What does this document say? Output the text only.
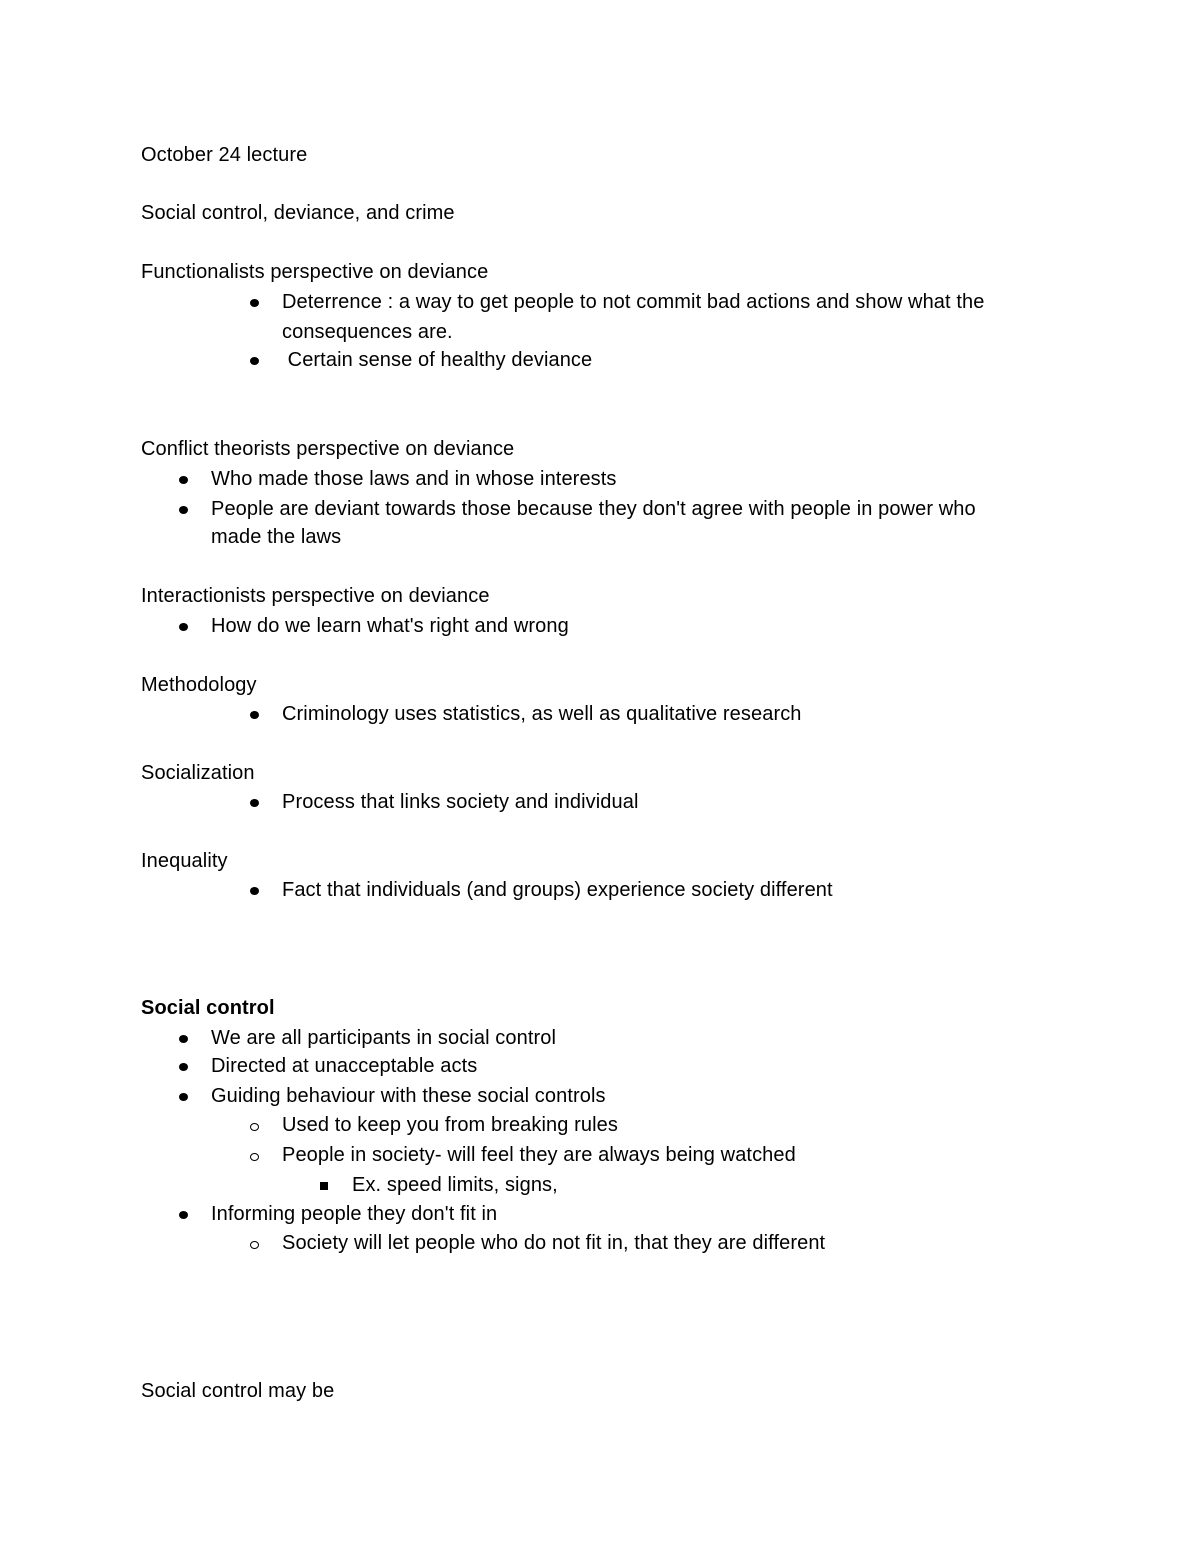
October 24 lecture
Social control, deviance, and crime
Functionalists perspective on deviance
Deterrence : a way to get people to not commit bad actions and show what the
consequences are.
Certain sense of healthy deviance
Conflict theorists perspective on deviance
Who made those laws and in whose interests
People are deviant towards those because they don't agree with people in power who
made the laws
Interactionists perspective on deviance
How do we learn what's right and wrong
Methodology
Criminology uses statistics, as well as qualitative research
Socialization
Process that links society and individual
Inequality
Fact that individuals (and groups) experience society different
Social control
We are all participants in social control
Directed at unacceptable acts
Guiding behaviour with these social controls
Used to keep you from breaking rules
People in society- will feel they are always being watched
Ex. speed limits, signs,
Informing people they don't fit in
Society will let people who do not fit in, that they are different
Social control may be
